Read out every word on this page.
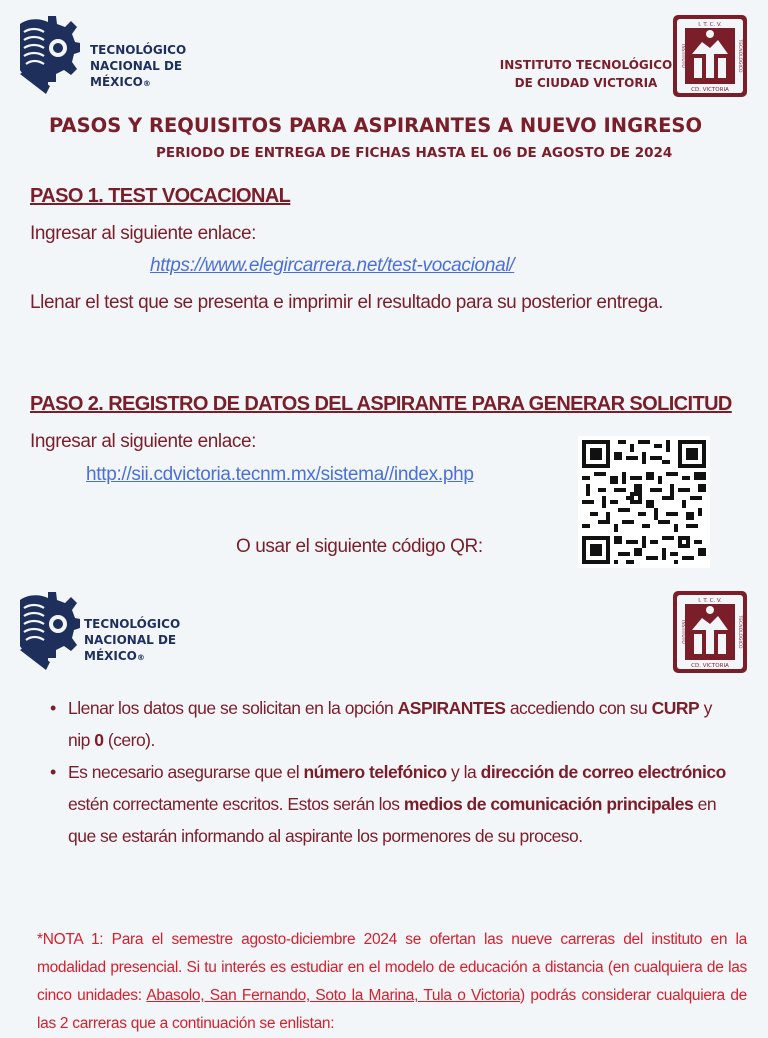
TECNOLÓGICO
NACIONAL DE MÉXICO®
INSTITUTO TECNOLÓGICO
DE CIUDAD VICTORIA
I. T. C. V.
CD. VICTORIA
INSTITUTO	TECNOLÓGICO
PASOS Y REQUISITOS PARA ASPIRANTES A NUEVO INGRESO
PERIODO DE ENTREGA DE FICHAS HASTA EL 06 DE AGOSTO DE 2024
PASO 1. TEST VOCACIONAL
Ingresar al siguiente enlace:
https://www.elegircarrera.net/test-vocacional/
Llenar el test que se presenta e imprimir el resultado para su posterior entrega.
PASO 2. REGISTRO DE DATOS DEL ASPIRANTE PARA GENERAR SOLICITUD
Ingresar al siguiente enlace:
http://sii.cdvictoria.tecnm.mx/sistema//index.php
O usar el siguiente código QR:
TECNOLÓGICO
NACIONAL DE MÉXICO®
I. T. C. V.
CD. VICTORIA
INSTITUTO	TECNOLÓGICO
• Llenar los datos que se solicitan en la opción ASPIRANTES accediendo con su CURP y nip 0 (cero).
• Es necesario asegurarse que el número telefónico y la dirección de correo electrónico estén correctamente escritos. Estos serán los medios de comunicación principales en que se estarán informando al aspirante los pormenores de su proceso.
*NOTA 1: Para el semestre agosto-diciembre 2024 se ofertan las nueve carreras del instituto en la modalidad presencial. Si tu interés es estudiar en el modelo de educación a distancia (en cualquiera de las cinco unidades: Abasolo, San Fernando, Soto la Marina, Tula o Victoria) podrás considerar cualquiera de las 2 carreras que a continuación se enlistan:
